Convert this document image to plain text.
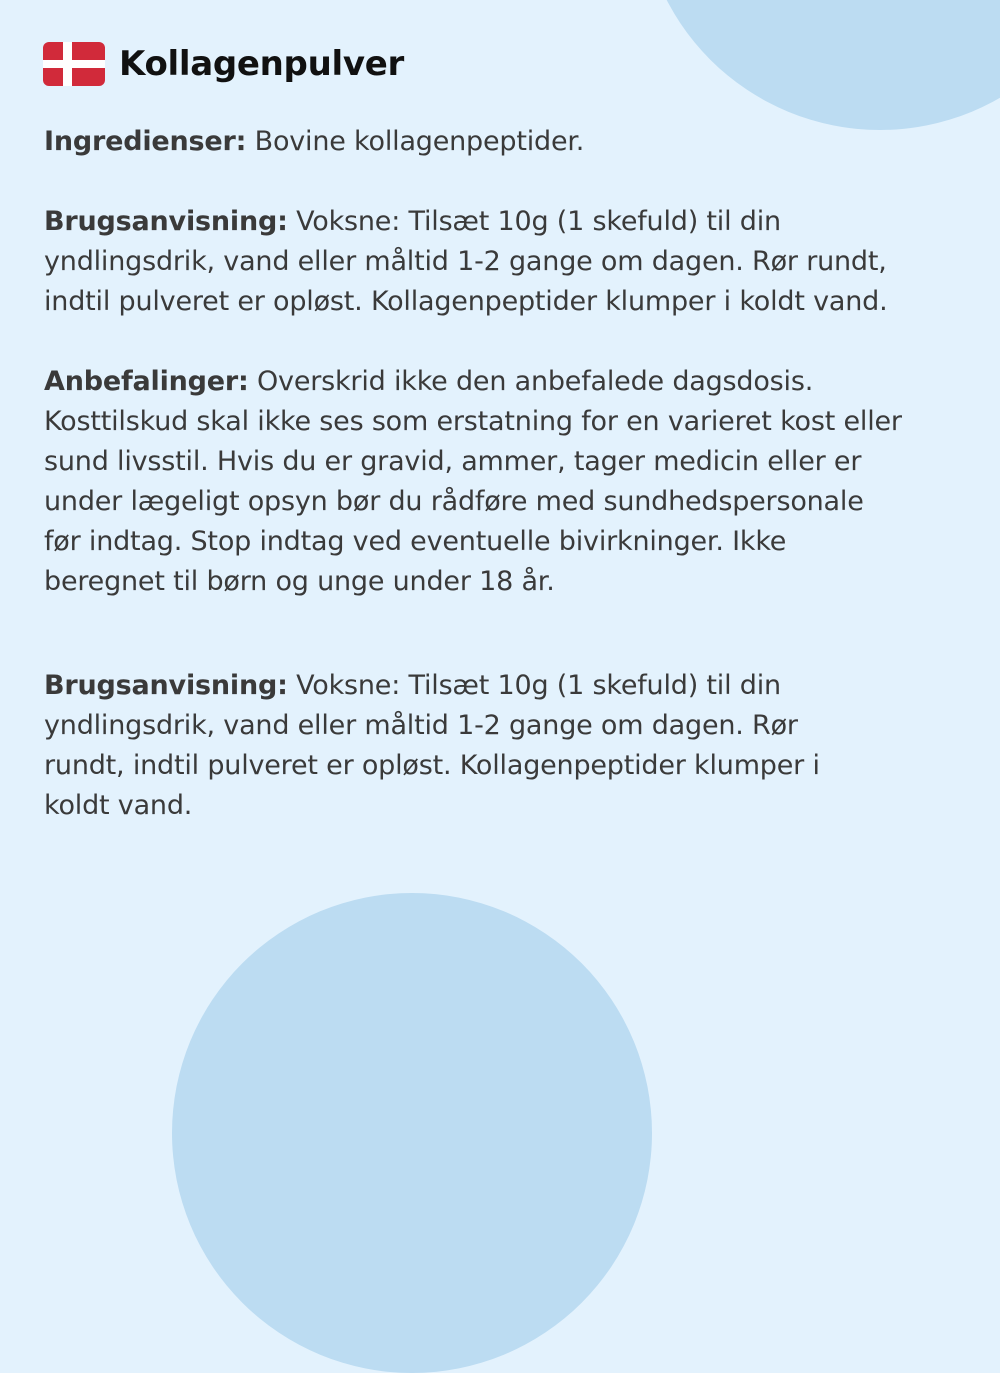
Kollagenpulver

Ingredienser: Bovine kollagenpeptider.

Brugsanvisning: Voksne: Tilsæt 10g (1 skefuld) til din yndlingsdrik, vand eller måltid 1-2 gange om dagen. Rør rundt, indtil pulveret er opløst. Kollagenpeptider klumper i koldt vand.

Anbefalinger: Overskrid ikke den anbefalede dagsdosis. Kosttilskud skal ikke ses som erstatning for en varieret kost eller sund livsstil. Hvis du er gravid, ammer, tager medicin eller er under lægeligt opsyn bør du rådføre med sundhedspersonale før indtag. Stop indtag ved eventuelle bivirkninger. Ikke beregnet til børn og unge under 18 år.

Brugsanvisning: Voksne: Tilsæt 10g (1 skefuld) til din yndlingsdrik, vand eller måltid 1-2 gange om dagen. Rør rundt, indtil pulveret er opløst. Kollagenpeptider klumper i koldt vand.
